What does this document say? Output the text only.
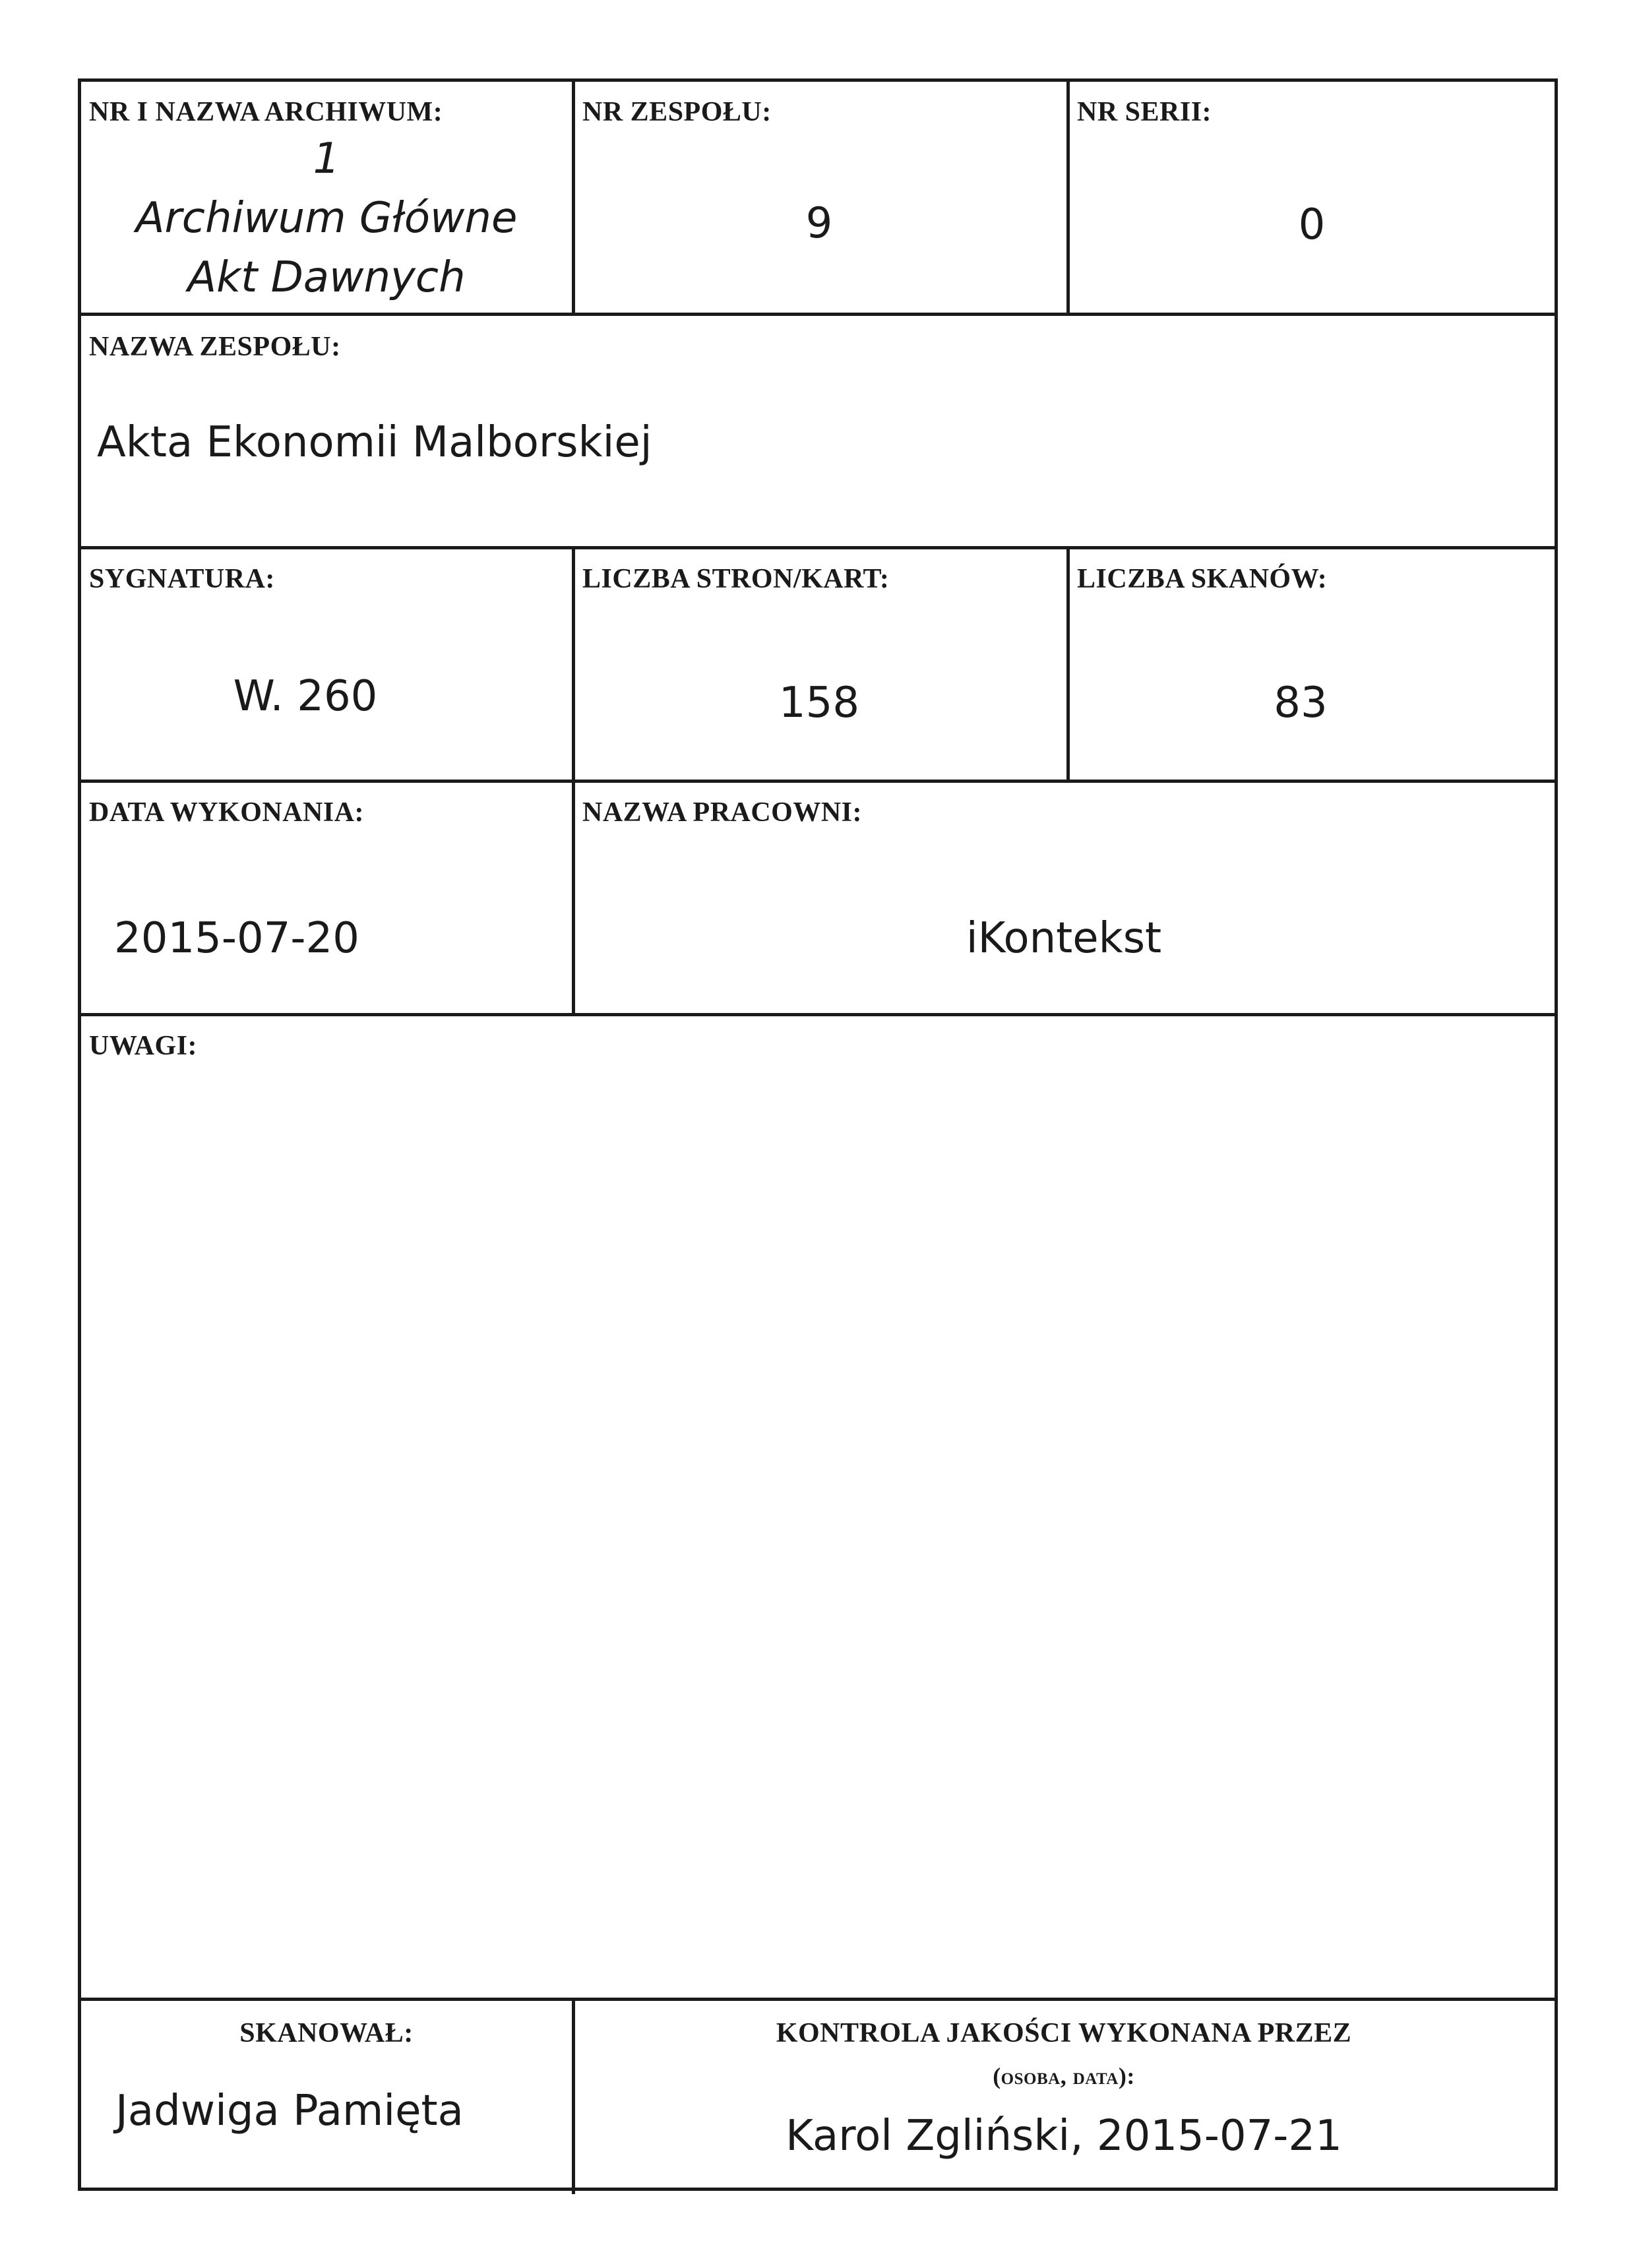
NR I NAZWA ARCHIWUM:
1
Archiwum Główne
Akt Dawnych
NR ZESPOŁU:
9
NR SERII:
0
NAZWA ZESPOŁU:
Akta Ekonomii Malborskiej
SYGNATURA:
W. 260
LICZBA STRON/KART:
158
LICZBA SKANÓW:
83
DATA WYKONANIA:
2015-07-20
NAZWA PRACOWNI:
iKontekst
UWAGI:
SKANOWAŁ:
Jadwiga Pamięta
KONTROLA JAKOŚCI WYKONANA PRZEZ
(osoba, data):
Karol Zgliński, 2015-07-21
